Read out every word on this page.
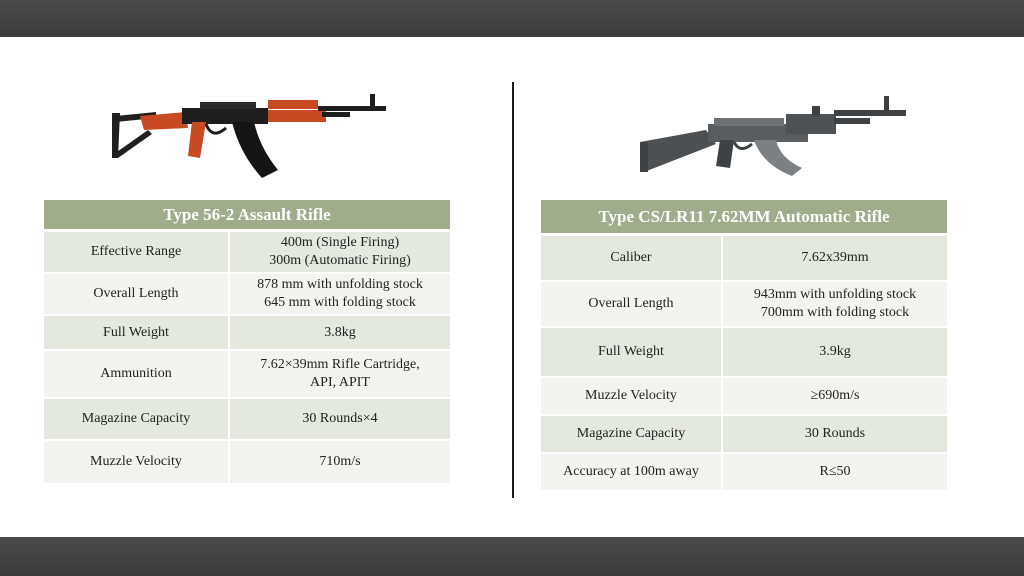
Type 56-2 Assault Rifle	
Effective Range	400m (Single Firing)
300m (Automatic Firing)

Overall Length	878 mm with unfolding stock
645 mm with folding stock

Full Weight	3.8kg

Ammunition	7.62×39mm Rifle Cartridge,
API, APIT

Magazine Capacity	30 Rounds×4

Muzzle Velocity	710m/s
Type CS/LR11 7.62MM Automatic Rifle	
Caliber	7.62x39mm

Overall Length	943mm with unfolding stock
700mm with folding stock

Full Weight	3.9kg

Muzzle Velocity	≥690m/s

Magazine Capacity	30 Rounds

Accuracy at 100m away	R≤50
